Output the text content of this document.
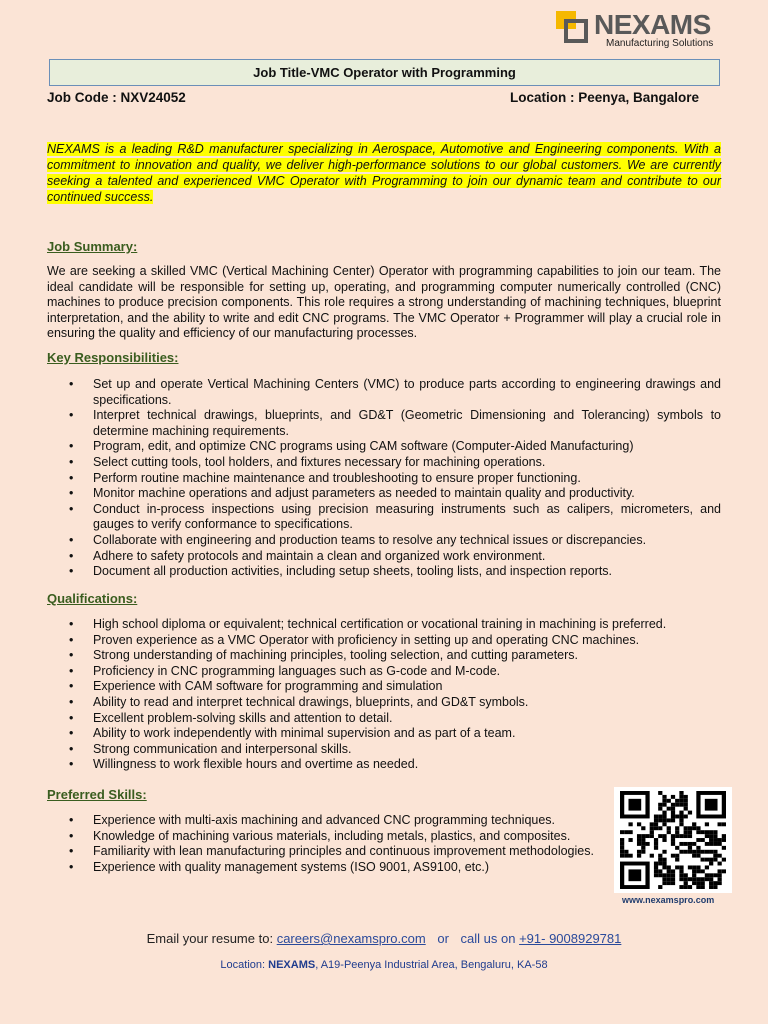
NEXAMS
Manufacturing Solutions
Job Title-VMC Operator with Programming
Job Code : NXV24052	Location : Peenya, Bangalore
NEXAMS is a leading R&D manufacturer specializing in Aerospace, Automotive and Engineering components. With a commitment to innovation and quality, we deliver high-performance solutions to our global customers. We are currently seeking a talented and experienced VMC Operator with Programming to join our dynamic team and contribute to our continued success.
Job Summary:
We are seeking a skilled VMC (Vertical Machining Center) Operator with programming capabilities to join our team. The ideal candidate will be responsible for setting up, operating, and programming computer numerically controlled (CNC) machines to produce precision components. This role requires a strong understanding of machining techniques, blueprint interpretation, and the ability to write and edit CNC programs. The VMC Operator + Programmer will play a crucial role in ensuring the quality and efficiency of our manufacturing processes.
Key Responsibilities:
• Set up and operate Vertical Machining Centers (VMC) to produce parts according to engineering drawings and specifications.
• Interpret technical drawings, blueprints, and GD&T (Geometric Dimensioning and Tolerancing) symbols to determine machining requirements.
• Program, edit, and optimize CNC programs using CAM software (Computer-Aided Manufacturing)
• Select cutting tools, tool holders, and fixtures necessary for machining operations.
• Perform routine machine maintenance and troubleshooting to ensure proper functioning.
• Monitor machine operations and adjust parameters as needed to maintain quality and productivity.
• Conduct in-process inspections using precision measuring instruments such as calipers, micrometers, and gauges to verify conformance to specifications.
• Collaborate with engineering and production teams to resolve any technical issues or discrepancies.
• Adhere to safety protocols and maintain a clean and organized work environment.
• Document all production activities, including setup sheets, tooling lists, and inspection reports.
Qualifications:
• High school diploma or equivalent; technical certification or vocational training in machining is preferred.
• Proven experience as a VMC Operator with proficiency in setting up and operating CNC machines.
• Strong understanding of machining principles, tooling selection, and cutting parameters.
• Proficiency in CNC programming languages such as G-code and M-code.
• Experience with CAM software for programming and simulation
• Ability to read and interpret technical drawings, blueprints, and GD&T symbols.
• Excellent problem-solving skills and attention to detail.
• Ability to work independently with minimal supervision and as part of a team.
• Strong communication and interpersonal skills.
• Willingness to work flexible hours and overtime as needed.
Preferred Skills:
• Experience with multi-axis machining and advanced CNC programming techniques.
• Knowledge of machining various materials, including metals, plastics, and composites.
• Familiarity with lean manufacturing principles and continuous improvement methodologies.
• Experience with quality management systems (ISO 9001, AS9100, etc.)
www.nexamspro.com
Email your resume to: careers@nexamspro.com or call us on +91- 9008929781
Location: NEXAMS, A19-Peenya Industrial Area, Bengaluru, KA-58
